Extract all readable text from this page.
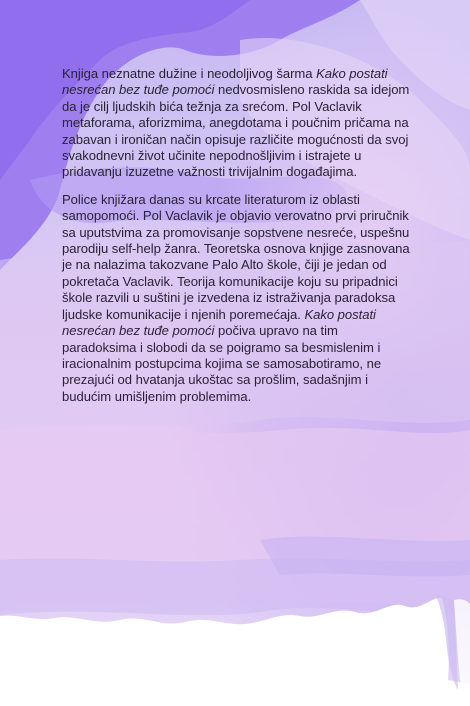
Knjiga neznatne dužine i neodoljivog šarma Kako postati nesrećan bez tuđe pomoći nedvosmisleno raskida sa idejom da je cilj ljudskih bića težnja za srećom. Pol Vaclavik metaforama, aforizmima, anegdotama i poučnim pričama na zabavan i ironičan način opisuje različite mogućnosti da svoj svakodnevni život učinite nepodnošljivim i istrajete u pridavanju izuzetne važnosti trivijalnim događajima.

Police knjižara danas su krcate literaturom iz oblasti samopomoći. Pol Vaclavik je objavio verovatno prvi priručnik sa uputstvima za promovisanje sopstvene nesreće, uspešnu parodiju self-help žanra. Teoretska osnova knjige zasnovana je na nalazima takozvane Palo Alto škole, čiji je jedan od pokretača Vaclavik. Teorija komunikacije koju su pripadnici škole razvili u suštini je izvedena iz istraživanja paradoksa ljudske komunikacije i njenih poremećaja. Kako postati nesrećan bez tuđe pomoći počiva upravo na tim paradoksima i slobodi da se poigramo sa besmislenim i iracionalnim postupcima kojima se samosabotiramo, ne prezajući od hvatanja ukoštac sa prošlim, sadašnjim i budućim umišljenim problemima.
